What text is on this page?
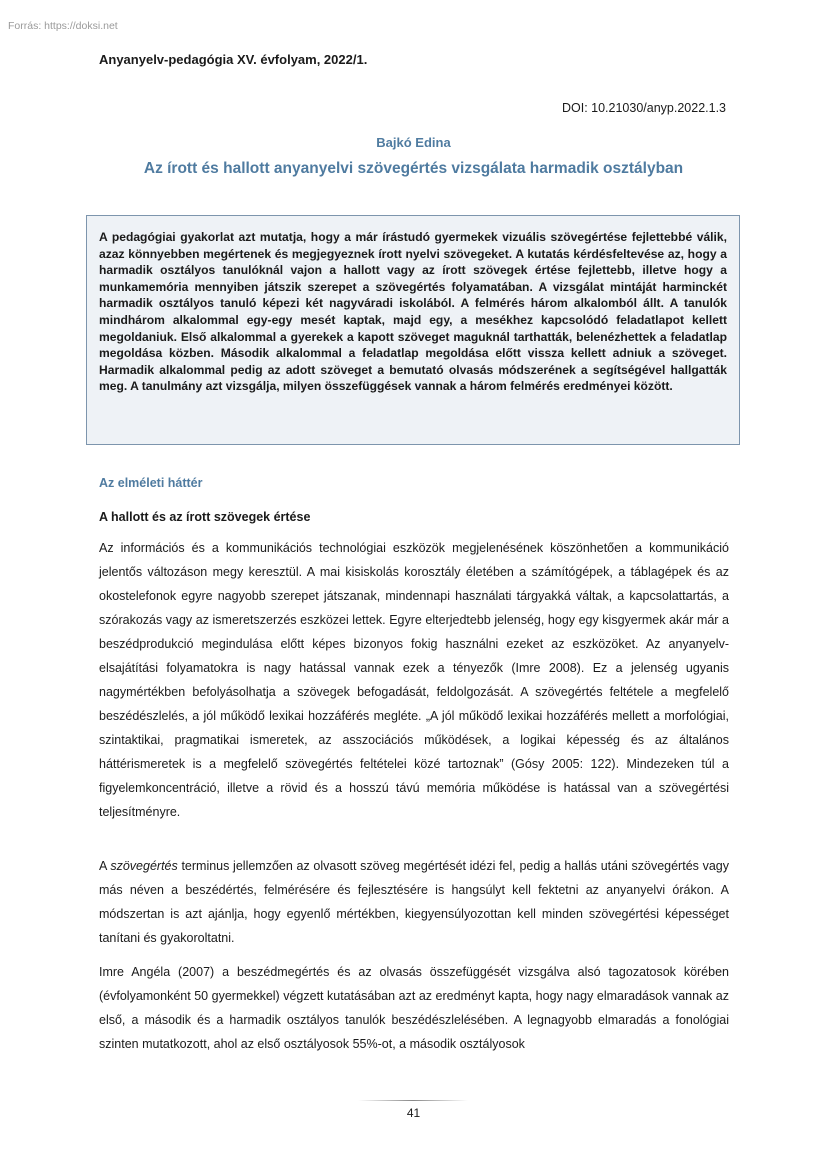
Forrás: https://doksi.net
Anyanyelv-pedagógia XV. évfolyam, 2022/1.
DOI: 10.21030/anyp.2022.1.3
Bajkó Edina
Az írott és hallott anyanyelvi szövegértés vizsgálata harmadik osztályban

A pedagógiai gyakorlat azt mutatja, hogy a már írástudó gyermekek vizuális szövegértése fejlettebbé válik, azaz könnyebben megértenek és megjegyeznek írott nyelvi szövegeket. A kutatás kérdésfeltevése az, hogy a harmadik osztályos tanulóknál vajon a hallott vagy az írott szövegek értése fejlettebb, illetve hogy a munkamemória mennyiben játszik szerepet a szövegértés folyamatában. A vizsgálat mintáját harminckét harmadik osztályos tanuló képezi két nagyváradi iskolából. A felmérés három alkalomból állt. A tanulók mindhárom alkalommal egy-egy mesét kaptak, majd egy, a mesékhez kapcsolódó feladatlapot kellett megoldaniuk. Első alkalommal a gyerekek a kapott szöveget maguknál tarthatták, belenézhettek a feladatlap megoldása közben. Második alkalommal a feladatlap megoldása előtt vissza kellett adniuk a szöveget. Harmadik alkalommal pedig az adott szöveget a bemutató olvasás módszerének a segítségével hallgatták meg. A tanulmány azt vizsgálja, milyen összefüggések vannak a három felmérés eredményei között.

Az elméleti háttér
A hallott és az írott szövegek értése

Az információs és a kommunikációs technológiai eszközök megjelenésének köszönhetően a kommunikáció jelentős változáson megy keresztül. A mai kisiskolás korosztály életében a számítógépek, a táblagépek és az okostelefonok egyre nagyobb szerepet játszanak, mindennapi használati tárgyakká váltak, a kapcsolattartás, a szórakozás vagy az ismeretszerzés eszközei lettek. Egyre elterjedtebb jelenség, hogy egy kisgyermek akár már a beszédprodukció megindulása előtt képes bizonyos fokig használni ezeket az eszközöket. Az anyanyelv-elsajátítási folyamatokra is nagy hatással vannak ezek a tényezők (Imre 2008). Ez a jelenség ugyanis nagymértékben befolyásolhatja a szövegek befogadását, feldolgozását. A szövegértés feltétele a megfelelő beszédészlelés, a jól működő lexikai hozzáférés megléte. „A jól működő lexikai hozzáférés mellett a morfológiai, szintaktikai, pragmatikai ismeretek, az asszociációs működések, a logikai képesség és az általános háttérismeretek is a megfelelő szövegértés feltételei közé tartoznak” (Gósy 2005: 122). Mindezeken túl a figyelemkoncentráció, illetve a rövid és a hosszú távú memória működése is hatással van a szövegértési teljesítményre.

A szövegértés terminus jellemzően az olvasott szöveg megértését idézi fel, pedig a hallás utáni szövegértés vagy más néven a beszédértés, felmérésére és fejlesztésére is hangsúlyt kell fektetni az anyanyelvi órákon. A módszertan is azt ajánlja, hogy egyenlő mértékben, kiegyensúlyozottan kell minden szövegértési képességet tanítani és gyakoroltatni.

Imre Angéla (2007) a beszédmegértés és az olvasás összefüggését vizsgálva alsó tagozatosok körében (évfolyamonként 50 gyermekkel) végzett kutatásában azt az eredményt kapta, hogy nagy elmaradások vannak az első, a második és a harmadik osztályos tanulók beszédészlelésében. A legnagyobb elmaradás a fonológiai szinten mutatkozott, ahol az első osztályosok 55%-ot, a második osztályosok

41
